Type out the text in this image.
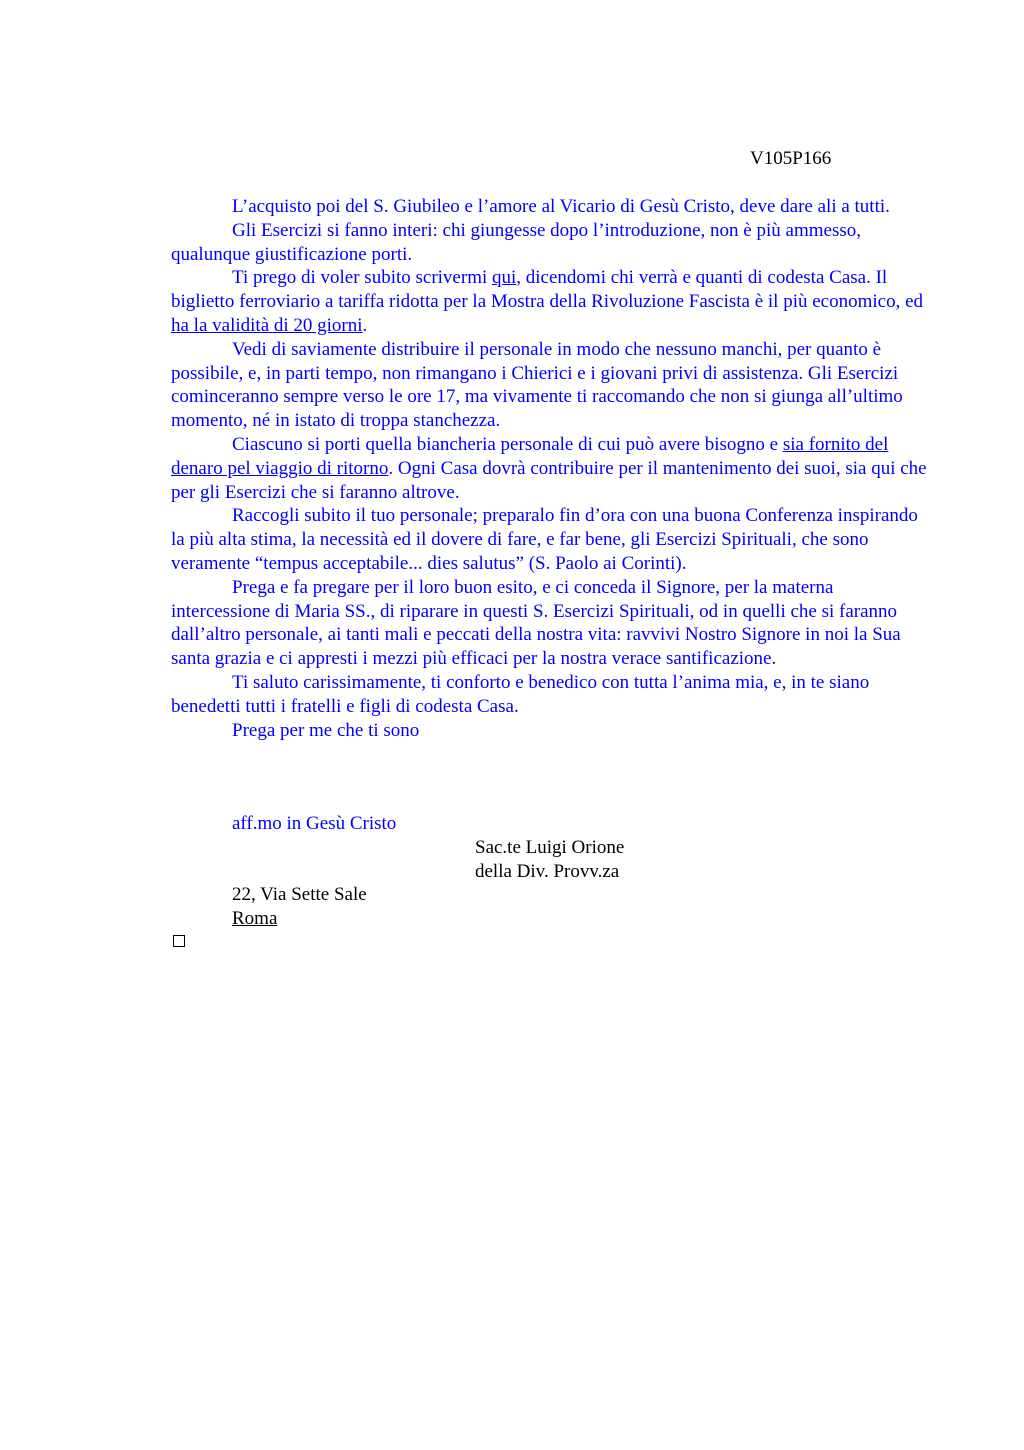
V105P166

L’acquisto poi del S. Giubileo e l’amore al Vicario di Gesù Cristo, deve dare ali a tutti.

Gli Esercizi si fanno interi: chi giungesse dopo l’introduzione, non è più ammesso, qualunque giustificazione porti.

Ti prego di voler subito scrivermi qui, dicendomi chi verrà e quanti di codesta Casa. Il biglietto ferroviario a tariffa ridotta per la Mostra della Rivoluzione Fascista è il più economico, ed ha la validità di 20 giorni.

Vedi di saviamente distribuire il personale in modo che nessuno manchi, per quanto è possibile, e, in parti tempo, non rimangano i Chierici e i giovani privi di assistenza. Gli Esercizi cominceranno sempre verso le ore 17, ma vivamente ti raccomando che non si giunga all’ultimo momento, né in istato di troppa stanchezza.

Ciascuno si porti quella biancheria personale di cui può avere bisogno e sia fornito del denaro pel viaggio di ritorno. Ogni Casa dovrà contribuire per il mantenimento dei suoi, sia qui che per gli Esercizi che si faranno altrove.

Raccogli subito il tuo personale; preparalo fin d’ora con una buona Conferenza inspirando la più alta stima, la necessità ed il dovere di fare, e far bene, gli Esercizi Spirituali, che sono veramente “tempus acceptabile... dies salutus” (S. Paolo ai Corinti).

Prega e fa pregare per il loro buon esito, e ci conceda il Signore, per la materna intercessione di Maria SS., di riparare in questi S. Esercizi Spirituali, od in quelli che si faranno dall’altro personale, ai tanti mali e peccati della nostra vita: ravvivi Nostro Signore in noi la Sua santa grazia e ci appresti i mezzi più efficaci per la nostra verace santificazione.

Ti saluto carissimamente, ti conforto e benedico con tutta l’anima mia, e, in te siano benedetti tutti i fratelli e figli di codesta Casa.

Prega per me che ti sono

aff.mo in Gesù Cristo
Sac.te Luigi Orione
della Div. Provv.za
22, Via Sette Sale
Roma
